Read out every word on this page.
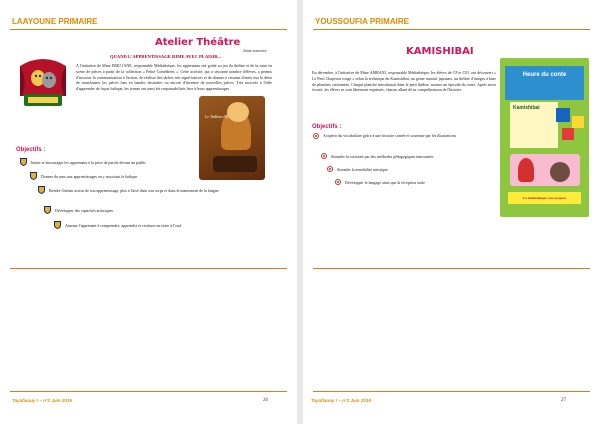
LAAYOUNE PRIMAIRE
Atelier Théâtre
2ème semestre
QUAND L'APPRENTISSAGE RIME AVEC PLAISIR...
A l'initiative de Mme IMEJ JANE, responsable Médiathèque, les apprenants ont goûté au jeu du théâtre et de la mise en scène de pièces à partir de la collection « Petite Comédiens ». Cette activité, qui a séjourné nombre d'élèves, a permis d'associer la communication à l'action, de réaliser des tâches très significatives et de donner à certains d'entre eux le désir de transformer les pièces lues en bandes dessinées ou encore d'inventer de nouvelles pièces. Très motivés à l'idée d'apprendre de façon ludique, les jeunes ont ainsi été responsabilisés face à leurs apprentissages.
Le Tailleur (S)
Objectifs :
Initier et encourager les apprenants à la prise de parole devant un public
Donner du sens aux apprentissages en y associant le ludique
Rendre l'enfant acteur de son apprentissage, plus à l'aise dans son corps et dans le maniement de la langue
Développer des capacités artistiques
Amener l'apprenant à comprendre, apprendre et restituer un texte à l'oral.
Tayafiaouy ! – n°2 Juin 2019	26
YOUSSOUFIA PRIMAIRE
KAMISHIBAI
En décembre, à l'initiative de Mme AMRANI, responsable Médiathèque, les élèves de CP et CE1 ont découvert « Le Petit Chaperon rouge » selon la technique du Kamishibaï, un genre narratif japonais, un théâtre d'images à base de planches cartonnées. Chaque planche introduisait dans le petit théâtre, montre un épisode du conte. Après avoir écouté, les élèves se sont librement exprimés, chacun allant de sa compréhension de l'histoire.
Objectifs :
Acquérir du vocabulaire grâce à une histoire contée et soutenue par les illustrations
Stimuler la curiosité par des méthodes pédagogiques innovantes
Stimuler la sensibilité artistique
Développer le langage ainsi que la réception orale
Heure du conte
Kamishibai
La médiathèque vous propose
Tayafiaouy ! – n°2 Juin 2019	27
